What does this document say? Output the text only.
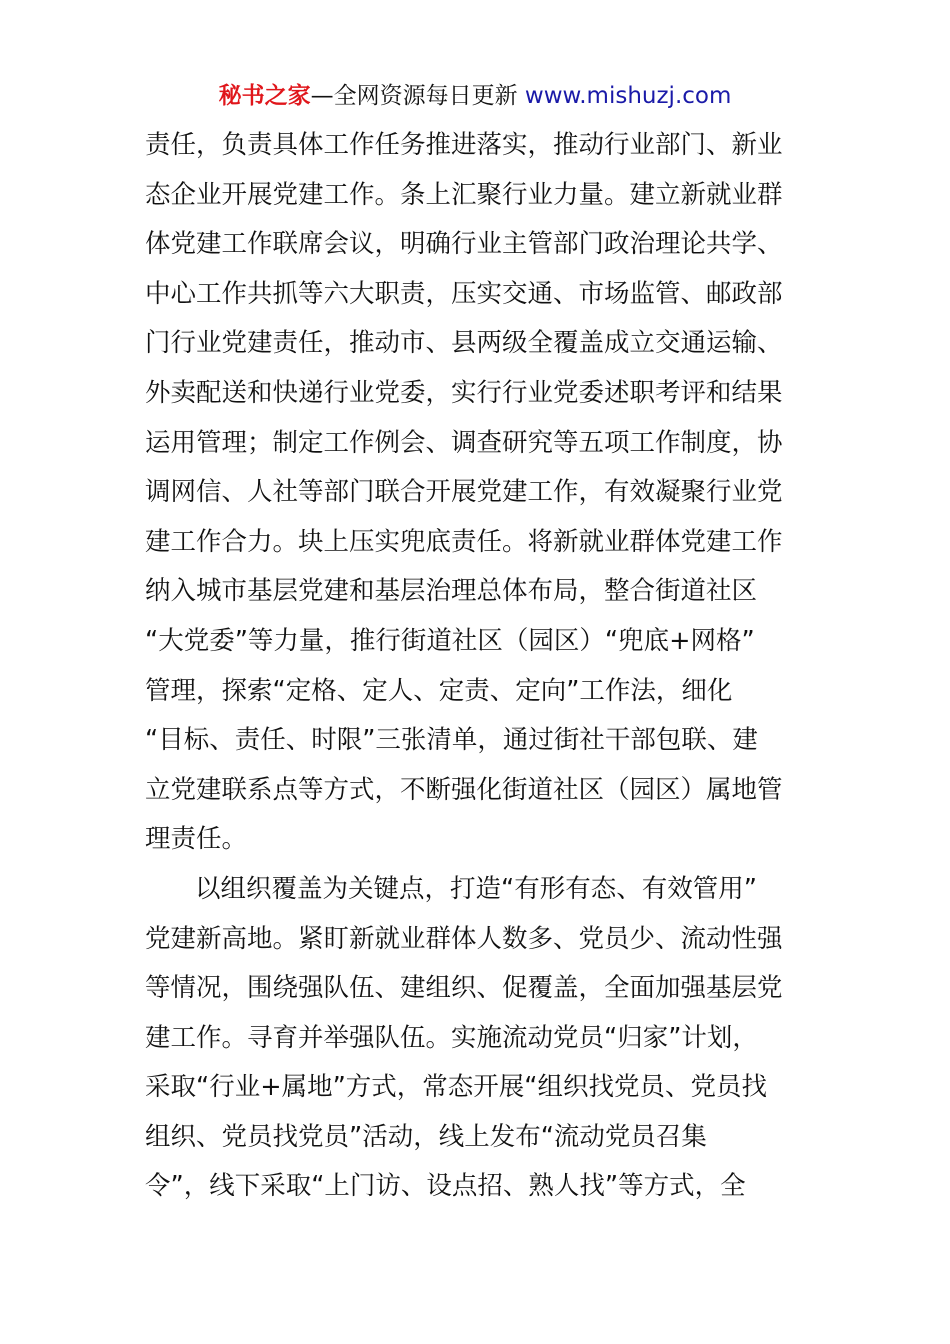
秘书之家—全网资源每日更新 www.mishuzj.com
责任，负责具体工作任务推进落实，推动行业部门、新业
态企业开展党建工作。条上汇聚行业力量。建立新就业群
体党建工作联席会议，明确行业主管部门政治理论共学、
中心工作共抓等六大职责，压实交通、市场监管、邮政部
门行业党建责任，推动市、县两级全覆盖成立交通运输、
外卖配送和快递行业党委，实行行业党委述职考评和结果
运用管理；制定工作例会、调查研究等五项工作制度，协
调网信、人社等部门联合开展党建工作，有效凝聚行业党
建工作合力。块上压实兜底责任。将新就业群体党建工作
纳入城市基层党建和基层治理总体布局，整合街道社区
“大党委”等力量，推行街道社区（园区）“兜底+网格”
管理，探索“定格、定人、定责、定向”工作法，细化
“目标、责任、时限”三张清单，通过街社干部包联、建
立党建联系点等方式，不断强化街道社区（园区）属地管
理责任。
以组织覆盖为关键点，打造“有形有态、有效管用”
党建新高地。紧盯新就业群体人数多、党员少、流动性强
等情况，围绕强队伍、建组织、促覆盖，全面加强基层党
建工作。寻育并举强队伍。实施流动党员“归家”计划，
采取“行业+属地”方式，常态开展“组织找党员、党员找
组织、党员找党员”活动，线上发布“流动党员召集
令”，线下采取“上门访、设点招、熟人找”等方式，全
